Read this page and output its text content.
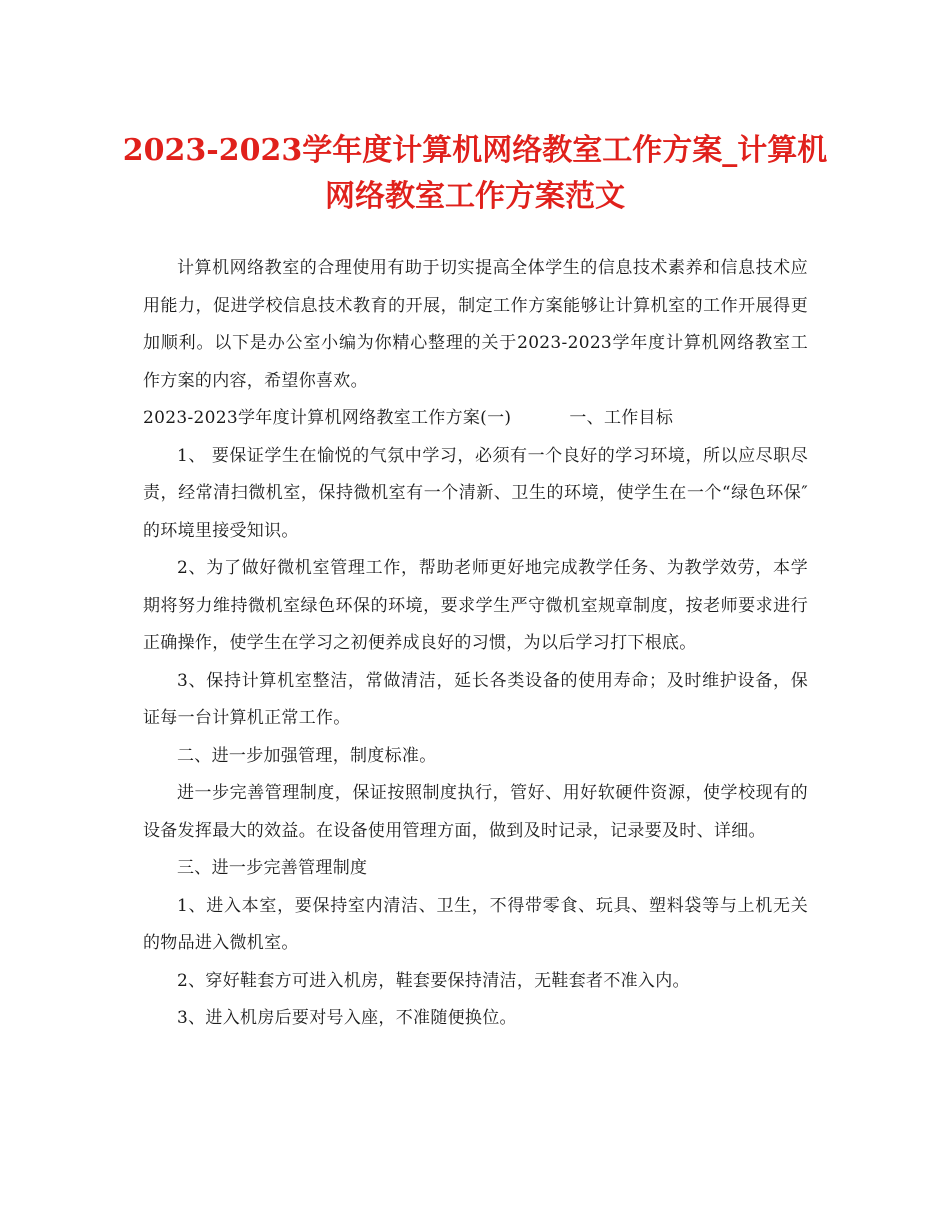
2023-2023学年度计算机网络教室工作方案_计算机网络教室工作方案范文

计算机网络教室的合理使用有助于切实提高全体学生的信息技术素养和信息技术应用能力，促进学校信息技术教育的开展，制定工作方案能够让计算机室的工作开展得更加顺利。以下是办公室小编为你精心整理的关于2023-2023学年度计算机网络教室工作方案的内容，希望你喜欢。

2023-2023学年度计算机网络教室工作方案(一)	一、工作目标

1、 要保证学生在愉悦的气氛中学习，必须有一个良好的学习环境，所以应尽职尽责，经常清扫微机室，保持微机室有一个清新、卫生的环境，使学生在一个“绿色环保″ 的环境里接受知识。

2、为了做好微机室管理工作，帮助老师更好地完成教学任务、为教学效劳，本学期将努力维持微机室绿色环保的环境，要求学生严守微机室规章制度，按老师要求进行正确操作，使学生在学习之初便养成良好的习惯，为以后学习打下根底。

3、保持计算机室整洁，常做清洁，延长各类设备的使用寿命；及时维护设备，保证每一台计算机正常工作。

二、进一步加强管理，制度标准。

进一步完善管理制度，保证按照制度执行，管好、用好软硬件资源，使学校现有的设备发挥最大的效益。在设备使用管理方面，做到及时记录，记录要及时、详细。

三、进一步完善管理制度

1、进入本室，要保持室内清洁、卫生，不得带零食、玩具、塑料袋等与上机无关的物品进入微机室。

2、穿好鞋套方可进入机房，鞋套要保持清洁，无鞋套者不准入内。

3、进入机房后要对号入座，不准随便换位。
